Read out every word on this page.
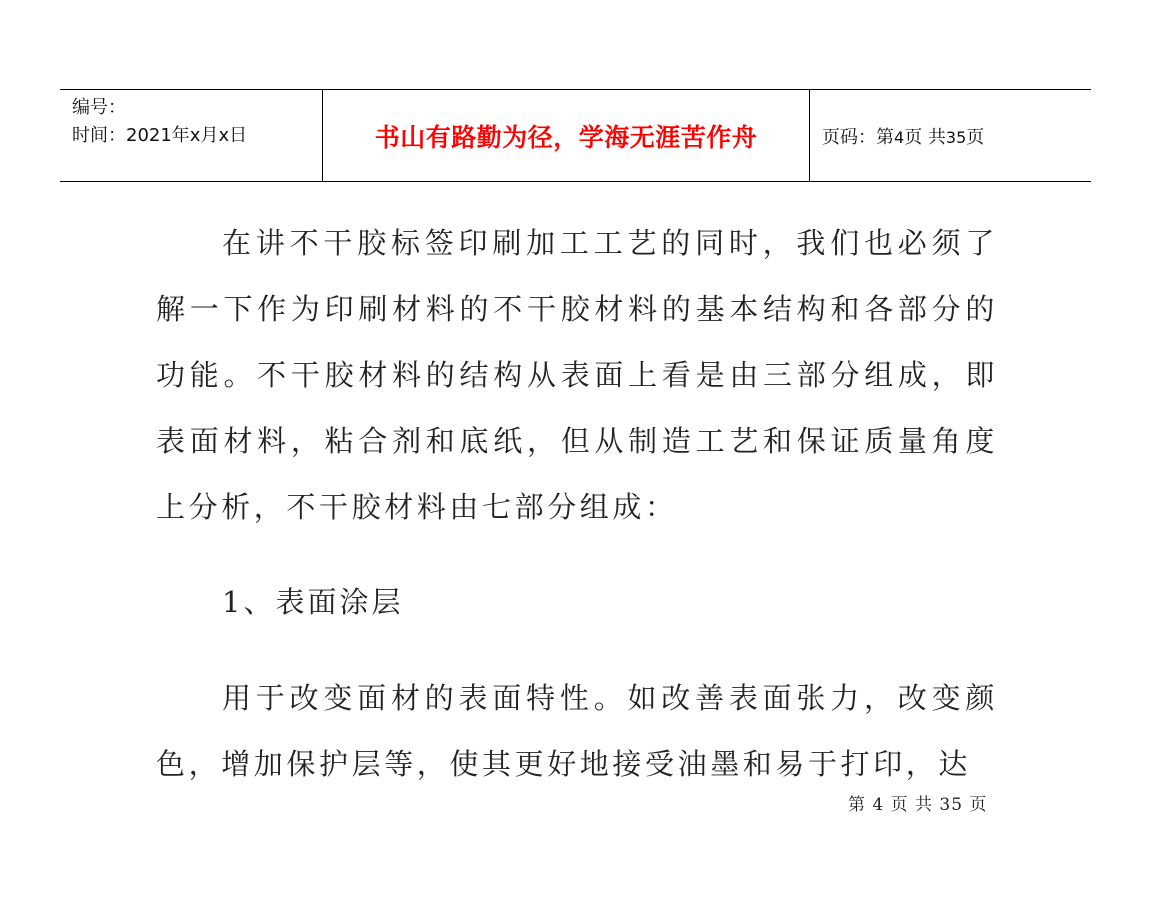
编号：
时间：2021年x月x日	书山有路勤为径，学海无涯苦作舟	页码：第4页 共35页

在讲不干胶标签印刷加工工艺的同时，我们也必须了解一下作为印刷材料的不干胶材料的基本结构和各部分的功能。不干胶材料的结构从表面上看是由三部分组成，即表面材料，粘合剂和底纸，但从制造工艺和保证质量角度上分析，不干胶材料由七部分组成：

1、表面涂层

用于改变面材的表面特性。如改善表面张力，改变颜色，增加保护层等，使其更好地接受油墨和易于打印，达

第 4 页 共 35 页
